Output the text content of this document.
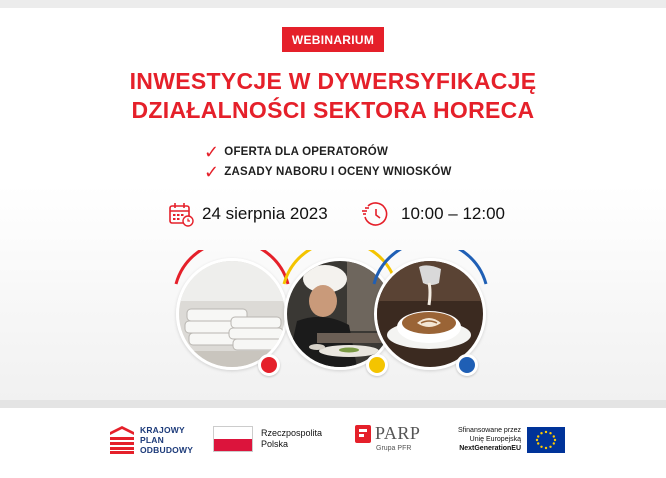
WEBINARIUM
INWESTYCJE W DYWERSYFIKACJĘ
DZIAŁALNOŚCI SEKTORA HORECA
✓ OFERTA DLA OPERATORÓW
✓ ZASADY NABORU I OCENY WNIOSKÓW
24 sierpnia 2023	10:00 – 12:00
KRAJOWY
PLAN
ODBUDOWY
Rzeczpospolita
Polska
PARP
Grupa PFR
Sfinansowane przez
Unię Europejską
NextGenerationEU
